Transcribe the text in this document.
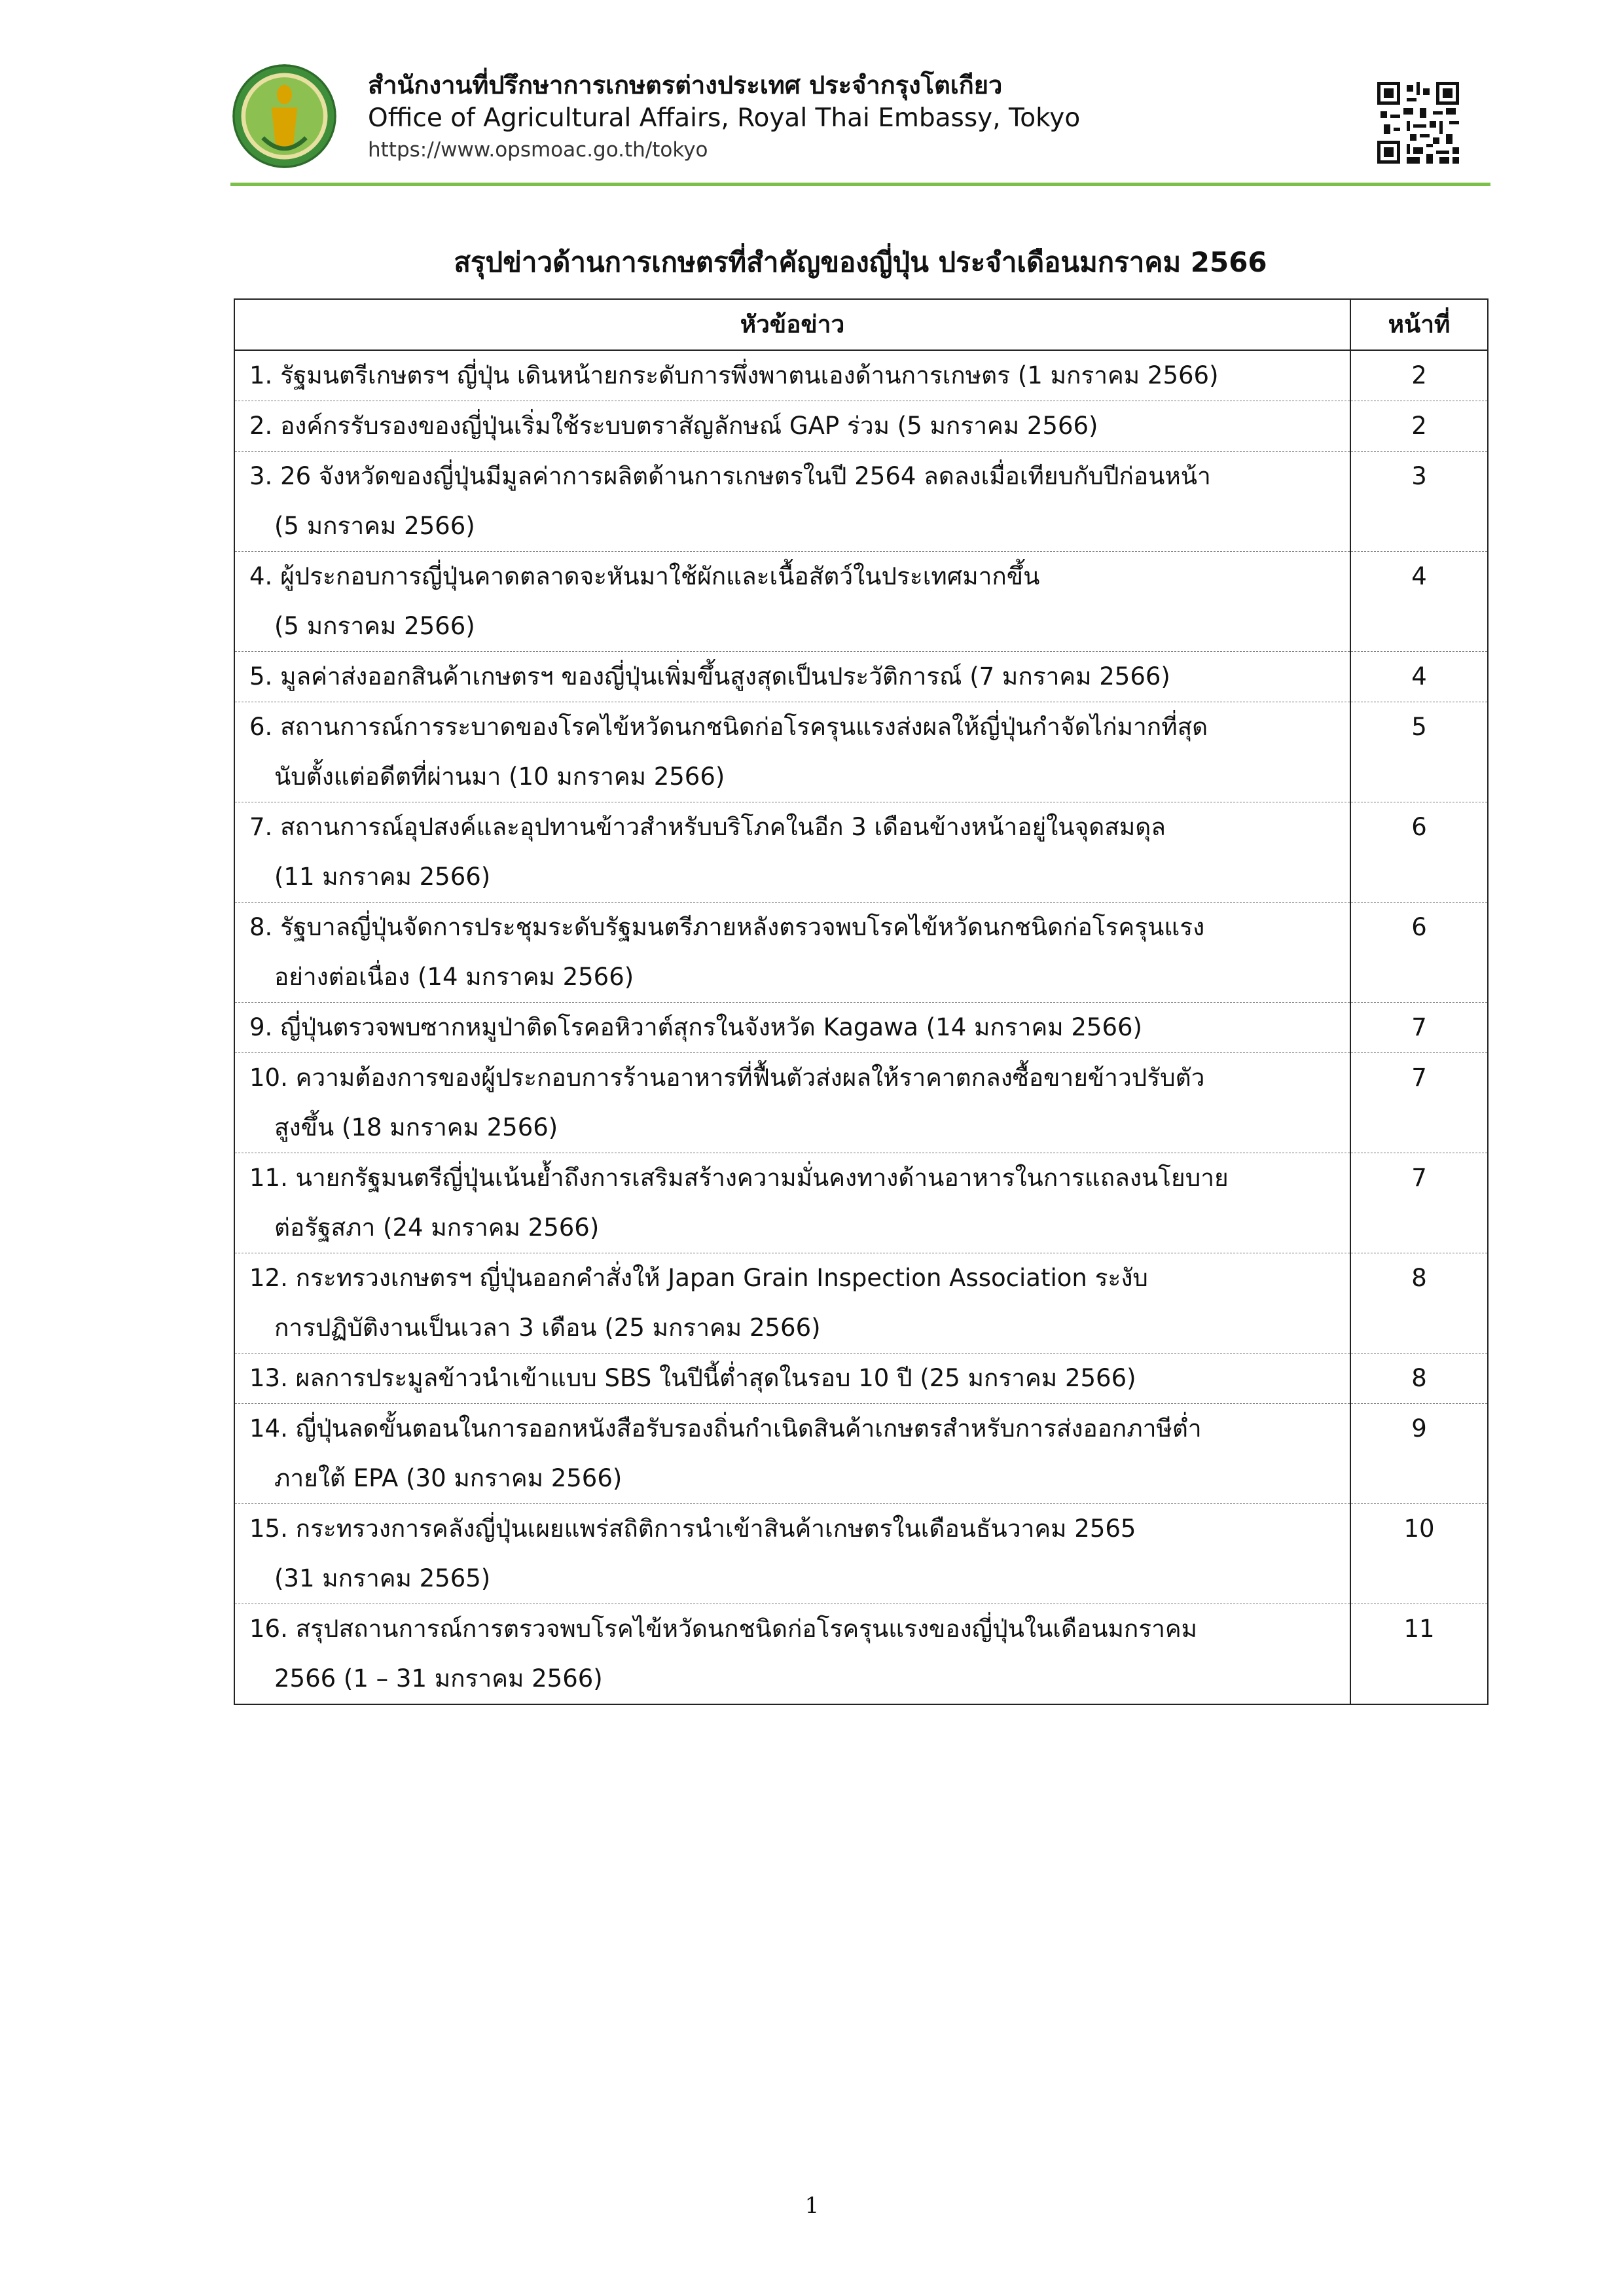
สำนักงานที่ปรึกษาการเกษตรต่างประเทศ ประจำกรุงโตเกียว
Office of Agricultural Affairs, Royal Thai Embassy, Tokyo
https://www.opsmoac.go.th/tokyo
สรุปข่าวด้านการเกษตรที่สำคัญของญี่ปุ่น ประจำเดือนมกราคม 2566
หัวข้อข่าว	หน้าที่

1. รัฐมนตรีเกษตรฯ ญี่ปุ่น เดินหน้ายกระดับการพึ่งพาตนเองด้านการเกษตร (1 มกราคม 2566)	2

2. องค์กรรับรองของญี่ปุ่นเริ่มใช้ระบบตราสัญลักษณ์ GAP ร่วม (5 มกราคม 2566)	2

3. 26 จังหวัดของญี่ปุ่นมีมูลค่าการผลิตด้านการเกษตรในปี 2564 ลดลงเมื่อเทียบกับปีก่อนหน้า
(5 มกราคม 2566)	3

4. ผู้ประกอบการญี่ปุ่นคาดตลาดจะหันมาใช้ผักและเนื้อสัตว์ในประเทศมากขึ้น
(5 มกราคม 2566)	4

5. มูลค่าส่งออกสินค้าเกษตรฯ ของญี่ปุ่นเพิ่มขึ้นสูงสุดเป็นประวัติการณ์ (7 มกราคม 2566)	4

6. สถานการณ์การระบาดของโรคไข้หวัดนกชนิดก่อโรครุนแรงส่งผลให้ญี่ปุ่นกำจัดไก่มากที่สุด
นับตั้งแต่อดีตที่ผ่านมา (10 มกราคม 2566)	5

7. สถานการณ์อุปสงค์และอุปทานข้าวสำหรับบริโภคในอีก 3 เดือนข้างหน้าอยู่ในจุดสมดุล
(11 มกราคม 2566)	6

8. รัฐบาลญี่ปุ่นจัดการประชุมระดับรัฐมนตรีภายหลังตรวจพบโรคไข้หวัดนกชนิดก่อโรครุนแรง
อย่างต่อเนื่อง (14 มกราคม 2566)	6

9. ญี่ปุ่นตรวจพบซากหมูป่าติดโรคอหิวาต์สุกรในจังหวัด Kagawa (14 มกราคม 2566)	7

10. ความต้องการของผู้ประกอบการร้านอาหารที่ฟื้นตัวส่งผลให้ราคาตกลงซื้อขายข้าวปรับตัว
สูงขึ้น (18 มกราคม 2566)	7

11. นายกรัฐมนตรีญี่ปุ่นเน้นย้ำถึงการเสริมสร้างความมั่นคงทางด้านอาหารในการแถลงนโยบาย
ต่อรัฐสภา (24 มกราคม 2566)	7

12. กระทรวงเกษตรฯ ญี่ปุ่นออกคำสั่งให้ Japan Grain Inspection Association ระงับ
การปฏิบัติงานเป็นเวลา 3 เดือน (25 มกราคม 2566)	8

13. ผลการประมูลข้าวนำเข้าแบบ SBS ในปีนี้ต่ำสุดในรอบ 10 ปี (25 มกราคม 2566)	8

14. ญี่ปุ่นลดขั้นตอนในการออกหนังสือรับรองถิ่นกำเนิดสินค้าเกษตรสำหรับการส่งออกภาษีต่ำ
ภายใต้ EPA (30 มกราคม 2566)	9

15. กระทรวงการคลังญี่ปุ่นเผยแพร่สถิติการนำเข้าสินค้าเกษตรในเดือนธันวาคม 2565
(31 มกราคม 2565)	10

16. สรุปสถานการณ์การตรวจพบโรคไข้หวัดนกชนิดก่อโรครุนแรงของญี่ปุ่นในเดือนมกราคม
2566 (1 – 31 มกราคม 2566)	11
1
